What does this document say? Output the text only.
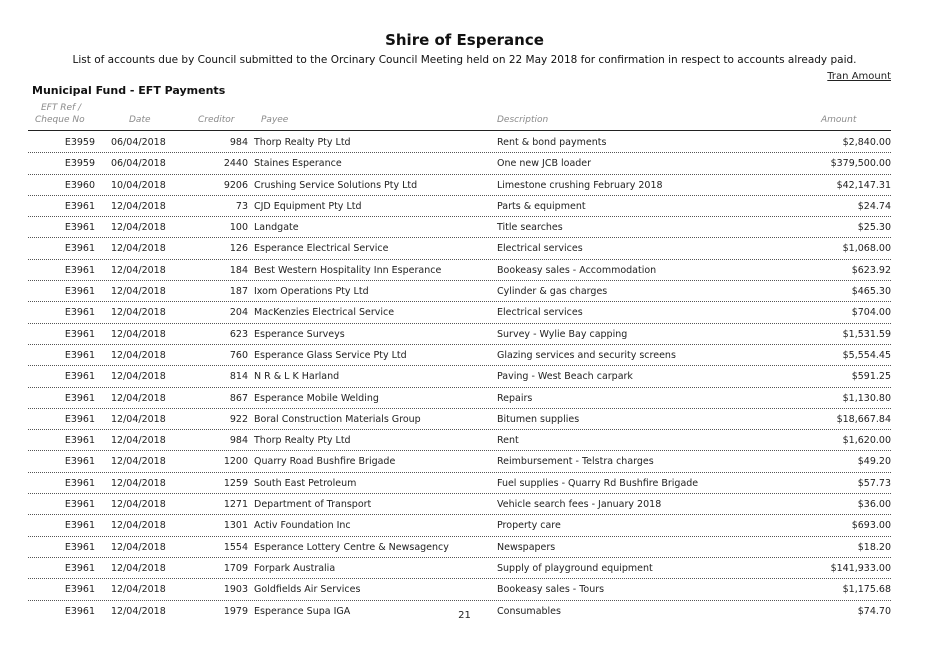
Shire of Esperance
List of accounts due by Council submitted to the Orcinary Council Meeting held on 22 May 2018 for confirmation in respect to accounts already paid.
Tran Amount
Municipal Fund - EFT Payments
EFT Ref /
Cheque No	Date	Creditor	Payee	Description	Amount
E3959 06/04/2018	984 Thorp Realty Pty Ltd	Rent & bond payments	$2,840.00
E3959 06/04/2018	2440 Staines Esperance	One new JCB loader	$379,500.00
E3960 10/04/2018	9206 Crushing Service Solutions Pty Ltd	Limestone crushing February 2018	$42,147.31
E3961 12/04/2018	73 CJD Equipment Pty Ltd	Parts & equipment	$24.74
E3961 12/04/2018	100 Landgate	Title searches	$25.30
E3961 12/04/2018	126 Esperance Electrical Service	Electrical services	$1,068.00
E3961 12/04/2018	184 Best Western Hospitality Inn Esperance	Bookeasy sales - Accommodation	$623.92
E3961 12/04/2018	187 Ixom Operations Pty Ltd	Cylinder & gas charges	$465.30
E3961 12/04/2018	204 MacKenzies Electrical Service	Electrical services	$704.00
E3961 12/04/2018	623 Esperance Surveys	Survey - Wylie Bay capping	$1,531.59
E3961 12/04/2018	760 Esperance Glass Service Pty Ltd	Glazing services and security screens	$5,554.45
E3961 12/04/2018	814 N R & L K Harland	Paving - West Beach carpark	$591.25
E3961 12/04/2018	867 Esperance Mobile Welding	Repairs	$1,130.80
E3961 12/04/2018	922 Boral Construction Materials Group	Bitumen supplies	$18,667.84
E3961 12/04/2018	984 Thorp Realty Pty Ltd	Rent	$1,620.00
E3961 12/04/2018	1200 Quarry Road Bushfire Brigade	Reimbursement - Telstra charges	$49.20
E3961 12/04/2018	1259 South East Petroleum	Fuel supplies - Quarry Rd Bushfire Brigade	$57.73
E3961 12/04/2018	1271 Department of Transport	Vehicle search fees - January 2018	$36.00
E3961 12/04/2018	1301 Activ Foundation Inc	Property care	$693.00
E3961 12/04/2018	1554 Esperance Lottery Centre & Newsagency	Newspapers	$18.20
E3961 12/04/2018	1709 Forpark Australia	Supply of playground equipment	$141,933.00
E3961 12/04/2018	1903 Goldfields Air Services	Bookeasy sales - Tours	$1,175.68
E3961 12/04/2018	1979 Esperance Supa IGA	Consumables	$74.70
21
